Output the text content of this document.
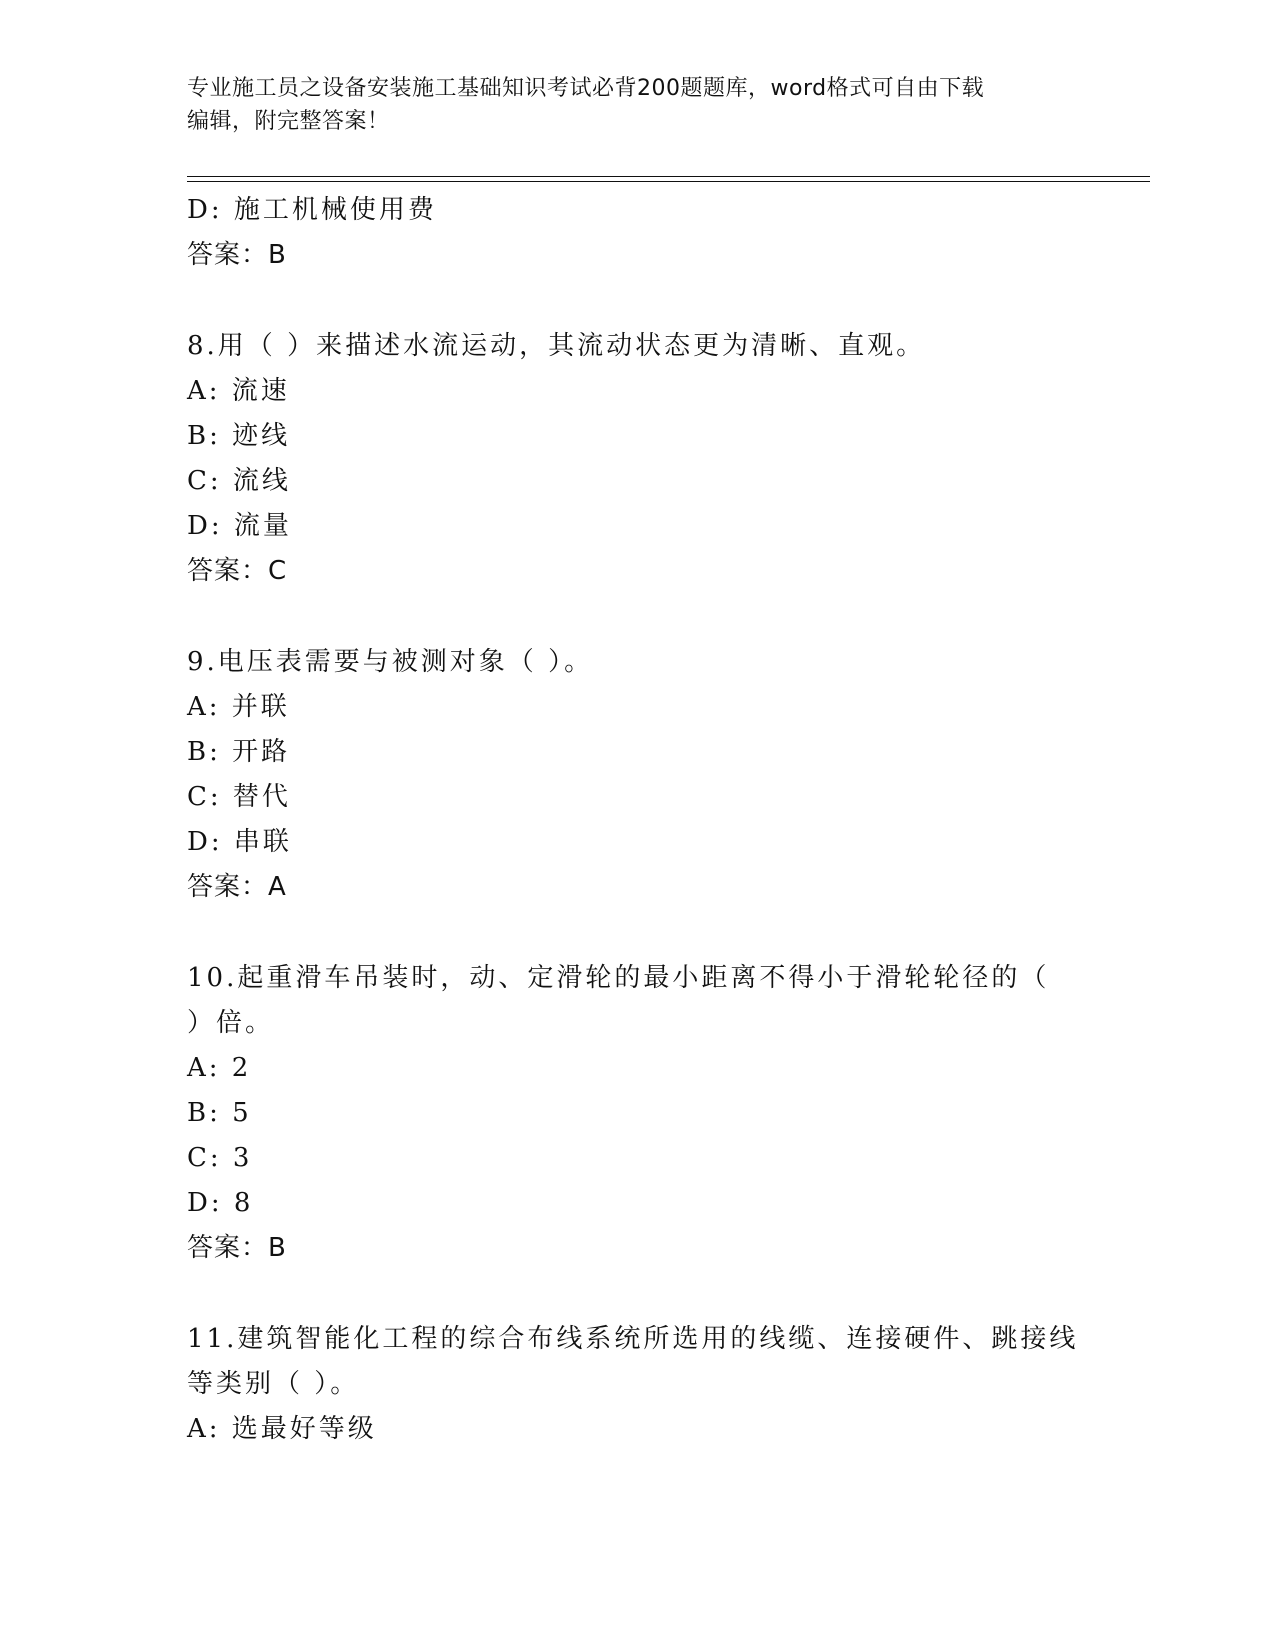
专业施工员之设备安装施工基础知识考试必背200题题库，word格式可自由下载
编辑，附完整答案！
D: 施工机械使用费
答案：B
8.用（ ）来描述水流运动，其流动状态更为清晰、直观。
A: 流速
B: 迹线
C: 流线
D: 流量
答案：C
9.电压表需要与被测对象（ ）。
A: 并联
B: 开路
C: 替代
D: 串联
答案：A
10.起重滑车吊装时，动、定滑轮的最小距离不得小于滑轮轮径的（
）倍。
A: 2
B: 5
C: 3
D: 8
答案：B
11.建筑智能化工程的综合布线系统所选用的线缆、连接硬件、跳接线
等类别（ ）。
A: 选最好等级
